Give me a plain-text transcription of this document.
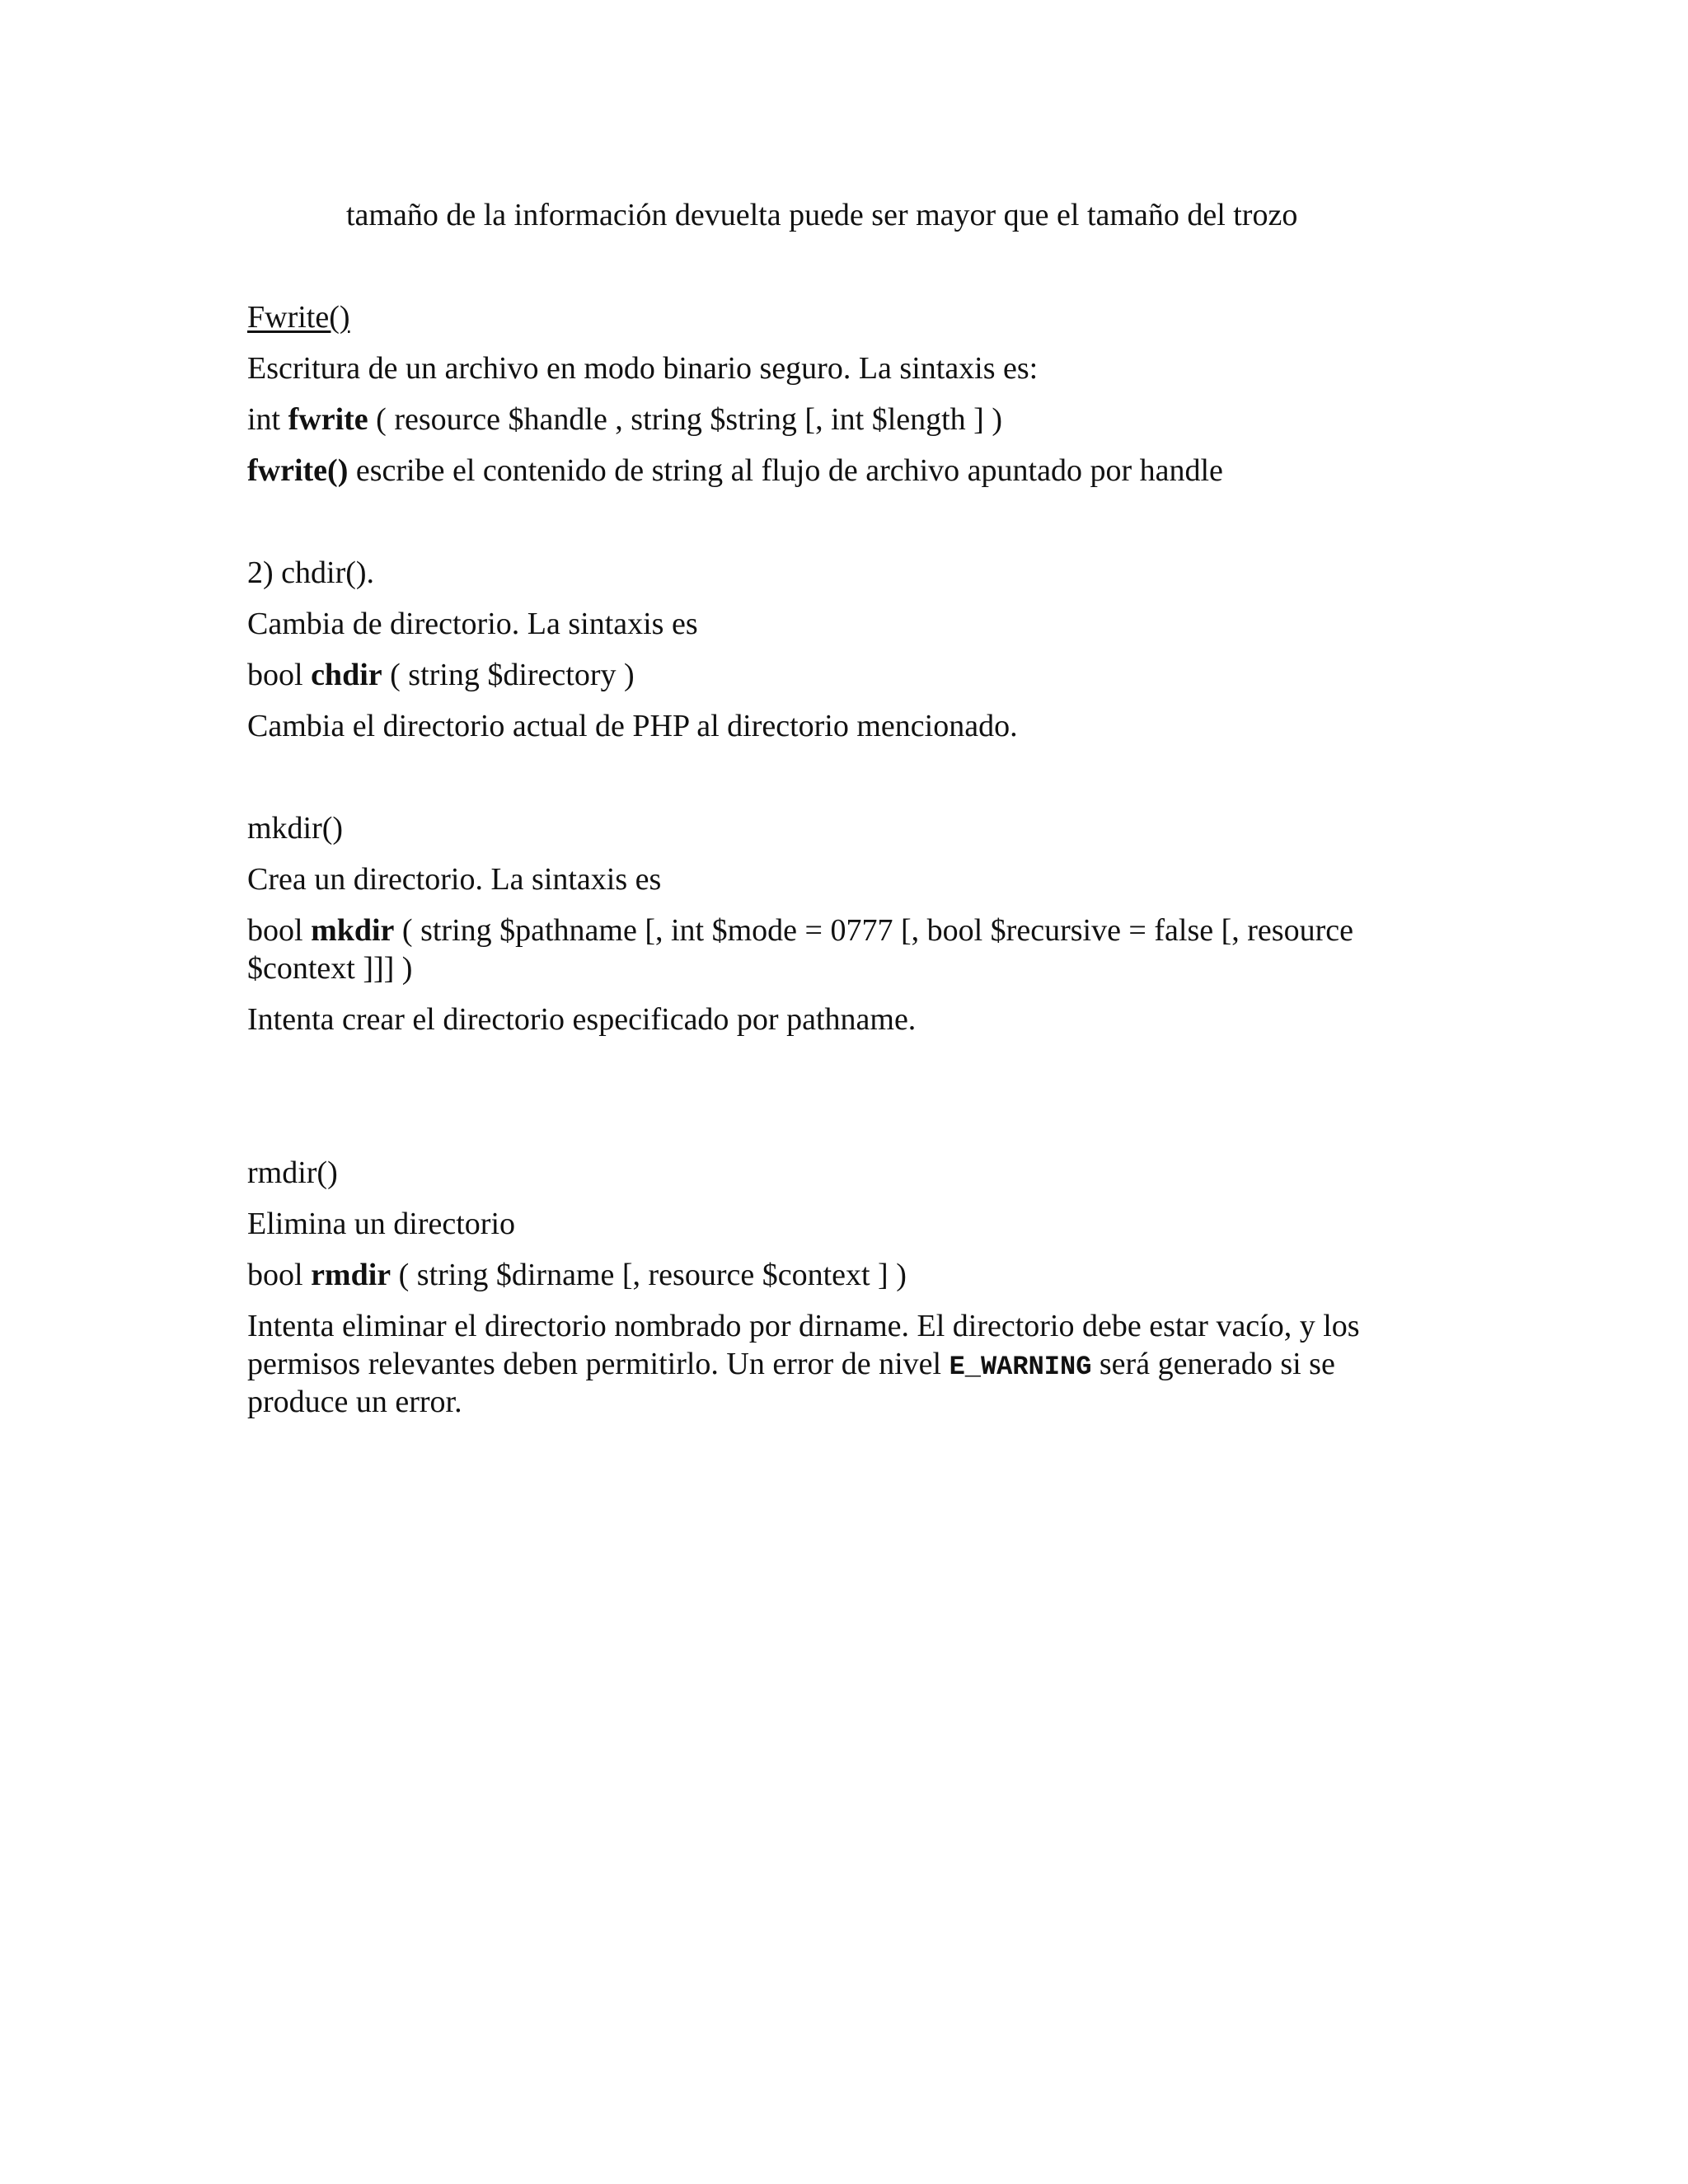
tamaño de la información devuelta puede ser mayor que el tamaño del trozo
Fwrite()
Escritura de un archivo en modo binario seguro. La sintaxis es:
int fwrite ( resource $handle , string $string [, int $length ] )
fwrite() escribe el contenido de string al flujo de archivo apuntado por handle
2) chdir().
Cambia de directorio. La sintaxis es
bool chdir ( string $directory )
Cambia el directorio actual de PHP al directorio mencionado.
mkdir()
Crea un directorio. La sintaxis es
bool mkdir ( string $pathname [, int $mode = 0777 [, bool $recursive = false [, resource
$context ]]] )
Intenta crear el directorio especificado por pathname.
rmdir()
Elimina un directorio
bool rmdir ( string $dirname [, resource $context ] )
Intenta eliminar el directorio nombrado por dirname. El directorio debe estar vacío, y los
permisos relevantes deben permitirlo. Un error de nivel E_WARNING será generado si se
produce un error.
